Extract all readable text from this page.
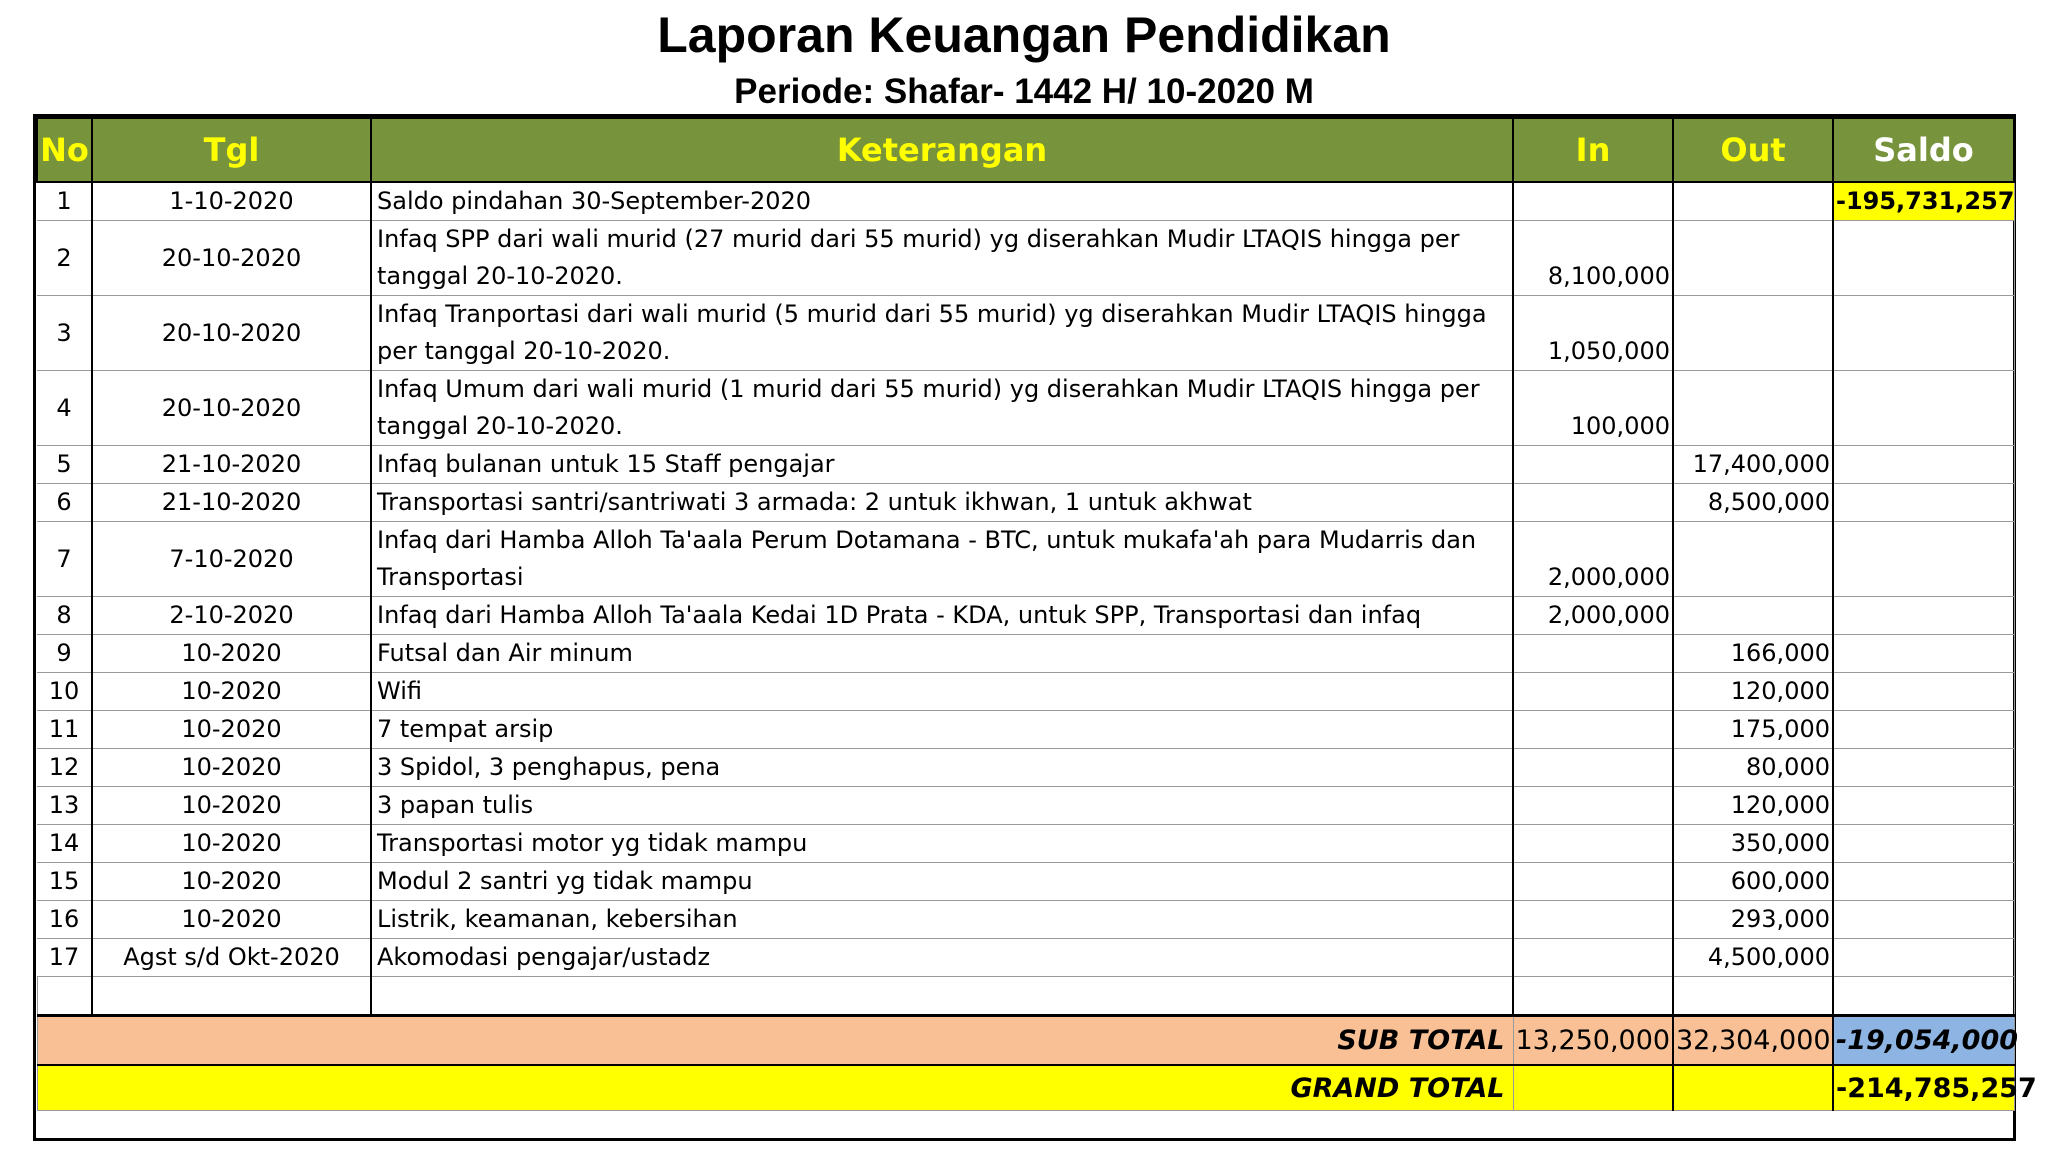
Laporan Keuangan Pendidikan
Periode: Shafar- 1442 H/ 10-2020 M
No	Tgl	Keterangan	In	Out	Saldo
1	1-10-2020	Saldo pindahan 30-September-2020			-195,731,257
2	20-10-2020	Infaq SPP dari wali murid (27 murid dari 55 murid) yg diserahkan Mudir LTAQIS hingga per tanggal 20-10-2020.	8,100,000		
3	20-10-2020	Infaq Tranportasi dari wali murid (5 murid dari 55 murid) yg diserahkan Mudir LTAQIS hingga per tanggal 20-10-2020.	1,050,000		
4	20-10-2020	Infaq Umum dari wali murid (1 murid dari 55 murid) yg diserahkan Mudir LTAQIS hingga per tanggal 20-10-2020.	100,000		
5	21-10-2020	Infaq bulanan untuk 15 Staff pengajar		17,400,000	
6	21-10-2020	Transportasi santri/santriwati 3 armada: 2 untuk ikhwan, 1 untuk akhwat		8,500,000	
7	7-10-2020	Infaq dari Hamba Alloh Ta'aala Perum Dotamana - BTC, untuk mukafa'ah para Mudarris dan Transportasi	2,000,000		
8	2-10-2020	Infaq dari Hamba Alloh Ta'aala Kedai 1D Prata - KDA, untuk SPP, Transportasi dan infaq	2,000,000		
9	10-2020	Futsal dan Air minum		166,000	
10	10-2020	Wifi		120,000	
11	10-2020	7 tempat arsip		175,000	
12	10-2020	3 Spidol, 3 penghapus, pena		80,000	
13	10-2020	3 papan tulis		120,000	
14	10-2020	Transportasi motor yg tidak mampu		350,000	
15	10-2020	Modul 2 santri yg tidak mampu		600,000	
16	10-2020	Listrik, keamanan, kebersihan		293,000	
17	Agst s/d Okt-2020	Akomodasi pengajar/ustadz		4,500,000	

SUB TOTAL			13,250,000	32,304,000	-19,054,000
GRAND TOTAL					-214,785,257
